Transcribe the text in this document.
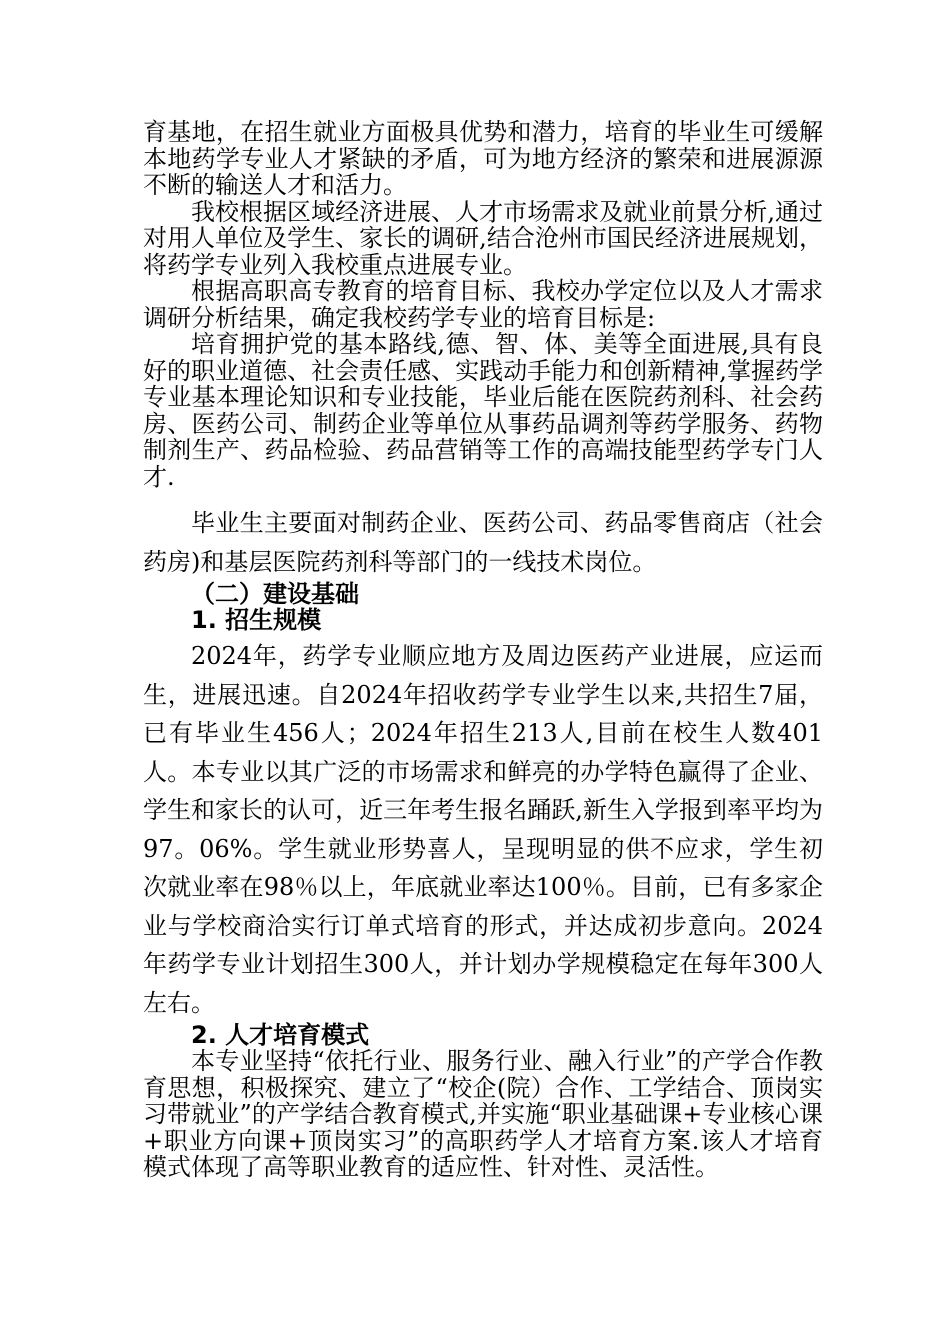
育基地，在招生就业方面极具优势和潜力，培育的毕业生可缓解本地药学专业人才紧缺的矛盾，可为地方经济的繁荣和进展源源不断的输送人才和活力。

我校根据区域经济进展、人才市场需求及就业前景分析,通过对用人单位及学生、家长的调研,结合沧州市国民经济进展规划，将药学专业列入我校重点进展专业。

根据高职高专教育的培育目标、我校办学定位以及人才需求调研分析结果，确定我校药学专业的培育目标是:

培育拥护党的基本路线,德、智、体、美等全面进展,具有良好的职业道德、社会责任感、实践动手能力和创新精神,掌握药学专业基本理论知识和专业技能，毕业后能在医院药剂科、社会药房、医药公司、制药企业等单位从事药品调剂等药学服务、药物制剂生产、药品检验、药品营销等工作的高端技能型药学专门人才.

毕业生主要面对制药企业、医药公司、药品零售商店（社会药房)和基层医院药剂科等部门的一线技术岗位。

（二）建设基础
1. 招生规模

2024年，药学专业顺应地方及周边医药产业进展，应运而生，进展迅速。自2024年招收药学专业学生以来,共招生7届，已有毕业生456人；2024年招生213人,目前在校生人数401人。本专业以其广泛的市场需求和鲜亮的办学特色赢得了企业、学生和家长的认可，近三年考生报名踊跃,新生入学报到率平均为97。06%。学生就业形势喜人，呈现明显的供不应求，学生初次就业率在98％以上，年底就业率达100％。目前，已有多家企业与学校商洽实行订单式培育的形式，并达成初步意向。2024年药学专业计划招生300人，并计划办学规模稳定在每年300人左右。

2. 人才培育模式

本专业坚持“依托行业、服务行业、融入行业”的产学合作教育思想，积极探究、建立了“校企(院）合作、工学结合、顶岗实习带就业”的产学结合教育模式,并实施“职业基础课+专业核心课+职业方向课+顶岗实习”的高职药学人才培育方案.该人才培育模式体现了高等职业教育的适应性、针对性、灵活性。
